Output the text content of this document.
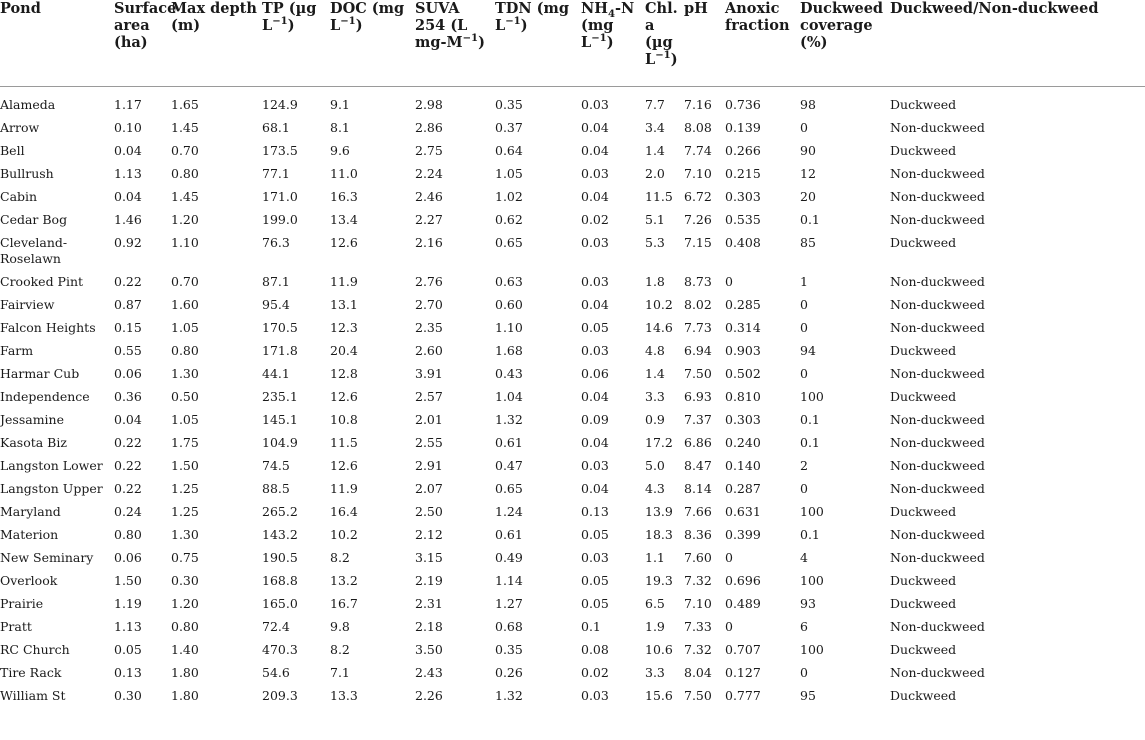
Pond	Surface area (ha)	Max depth (m)	TP (µg $L^{-1}$)	DOC (mg $L^{-1}$)	SUVA 254 (L $mg-M^{-1}$)	TDN (mg $L^{-1}$)	$NH_4-N$ (mg $L^{-1}$)	Chl. a (µg $L^{-1}$)	pH	Anoxic fraction	Duckweed coverage (%)	Duckweed/Non-duckweed

Alameda	1.17	1.65	124.9	9.1	2.98	0.35	0.03	7.7	7.16	0.736	98	Duckweed
Arrow	0.10	1.45	68.1	8.1	2.86	0.37	0.04	3.4	8.08	0.139	0	Non-duckweed
Bell	0.04	0.70	173.5	9.6	2.75	0.64	0.04	1.4	7.74	0.266	90	Duckweed
Bullrush	1.13	0.80	77.1	11.0	2.24	1.05	0.03	2.0	7.10	0.215	12	Non-duckweed
Cabin	0.04	1.45	171.0	16.3	2.46	1.02	0.04	11.5	6.72	0.303	20	Non-duckweed
Cedar Bog	1.46	1.20	199.0	13.4	2.27	0.62	0.02	5.1	7.26	0.535	0.1	Non-duckweed
Cleveland-Roselawn	0.92	1.10	76.3	12.6	2.16	0.65	0.03	5.3	7.15	0.408	85	Duckweed
Crooked Pint	0.22	0.70	87.1	11.9	2.76	0.63	0.03	1.8	8.73	0	1	Non-duckweed
Fairview	0.87	1.60	95.4	13.1	2.70	0.60	0.04	10.2	8.02	0.285	0	Non-duckweed
Falcon Heights	0.15	1.05	170.5	12.3	2.35	1.10	0.05	14.6	7.73	0.314	0	Non-duckweed
Farm	0.55	0.80	171.8	20.4	2.60	1.68	0.03	4.8	6.94	0.903	94	Duckweed
Harmar Cub	0.06	1.30	44.1	12.8	3.91	0.43	0.06	1.4	7.50	0.502	0	Non-duckweed
Independence	0.36	0.50	235.1	12.6	2.57	1.04	0.04	3.3	6.93	0.810	100	Duckweed
Jessamine	0.04	1.05	145.1	10.8	2.01	1.32	0.09	0.9	7.37	0.303	0.1	Non-duckweed
Kasota Biz	0.22	1.75	104.9	11.5	2.55	0.61	0.04	17.2	6.86	0.240	0.1	Non-duckweed
Langston Lower	0.22	1.50	74.5	12.6	2.91	0.47	0.03	5.0	8.47	0.140	2	Non-duckweed
Langston Upper	0.22	1.25	88.5	11.9	2.07	0.65	0.04	4.3	8.14	0.287	0	Non-duckweed
Maryland	0.24	1.25	265.2	16.4	2.50	1.24	0.13	13.9	7.66	0.631	100	Duckweed
Materion	0.80	1.30	143.2	10.2	2.12	0.61	0.05	18.3	8.36	0.399	0.1	Non-duckweed
New Seminary	0.06	0.75	190.5	8.2	3.15	0.49	0.03	1.1	7.60	0	4	Non-duckweed
Overlook	1.50	0.30	168.8	13.2	2.19	1.14	0.05	19.3	7.32	0.696	100	Duckweed
Prairie	1.19	1.20	165.0	16.7	2.31	1.27	0.05	6.5	7.10	0.489	93	Duckweed
Pratt	1.13	0.80	72.4	9.8	2.18	0.68	0.1	1.9	7.33	0	6	Non-duckweed
RC Church	0.05	1.40	470.3	8.2	3.50	0.35	0.08	10.6	7.32	0.707	100	Duckweed
Tire Rack	0.13	1.80	54.6	7.1	2.43	0.26	0.02	3.3	8.04	0.127	0	Non-duckweed
William St	0.30	1.80	209.3	13.3	2.26	1.32	0.03	15.6	7.50	0.777	95	Duckweed
